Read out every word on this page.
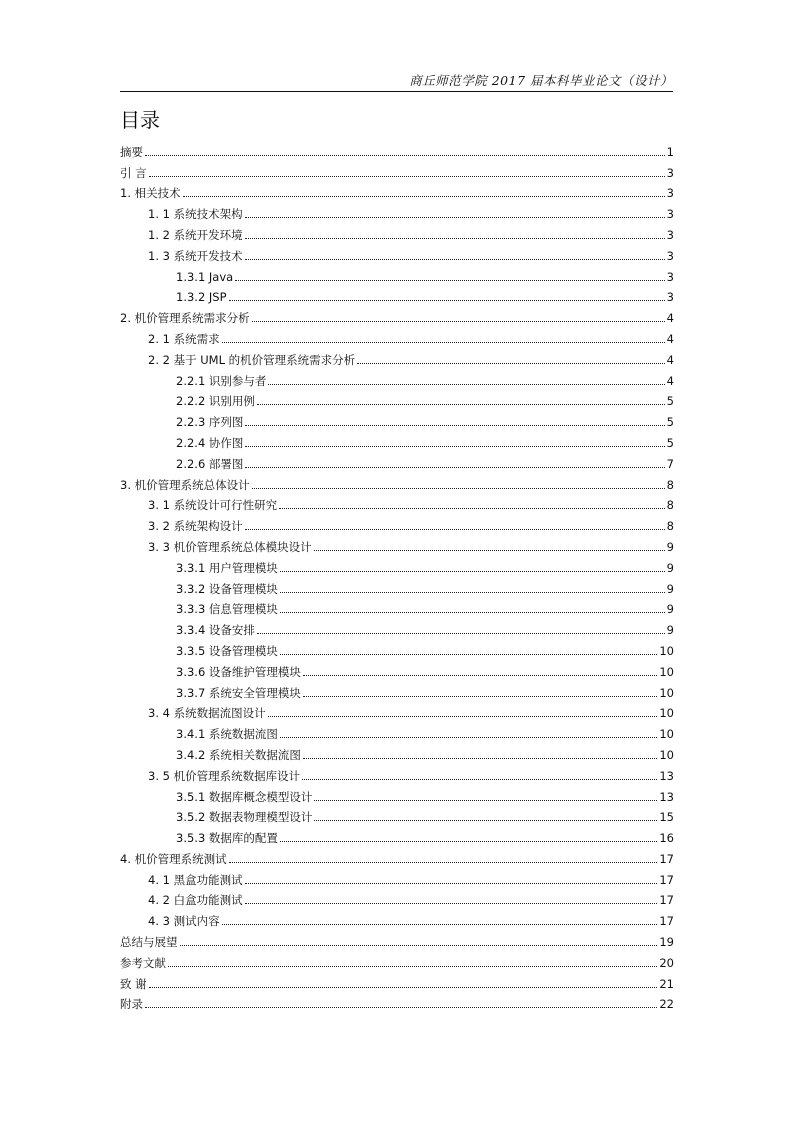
商丘师范学院 2017 届本科毕业论文（设计）
目录
摘要	1
引 言	3
1. 相关技术	3
1. 1 系统技术架构	3
1. 2 系统开发环境	3
1. 3 系统开发技术	3
1.3.1 Java	3
1.3.2 JSP	3
2. 机价管理系统需求分析	4
2. 1 系统需求	4
2. 2 基于 UML 的机价管理系统需求分析	4
2.2.1 识别参与者	4
2.2.2 识别用例	5
2.2.3 序列图	5
2.2.4 协作图	5
2.2.6 部署图	7
3. 机价管理系统总体设计	8
3. 1 系统设计可行性研究	8
3. 2 系统架构设计	8
3. 3 机价管理系统总体模块设计	9
3.3.1 用户管理模块	9
3.3.2 设备管理模块	9
3.3.3 信息管理模块	9
3.3.4 设备安排	9
3.3.5 设备管理模块	10
3.3.6 设备维护管理模块	10
3.3.7 系统安全管理模块	10
3. 4 系统数据流图设计	10
3.4.1 系统数据流图	10
3.4.2 系统相关数据流图	10
3. 5 机价管理系统数据库设计	13
3.5.1 数据库概念模型设计	13
3.5.2 数据表物理模型设计	15
3.5.3 数据库的配置	16
4. 机价管理系统测试	17
4. 1 黑盒功能测试	17
4. 2 白盒功能测试	17
4. 3 测试内容	17
总结与展望	19
参考文献	20
致 谢	21
附录	22
